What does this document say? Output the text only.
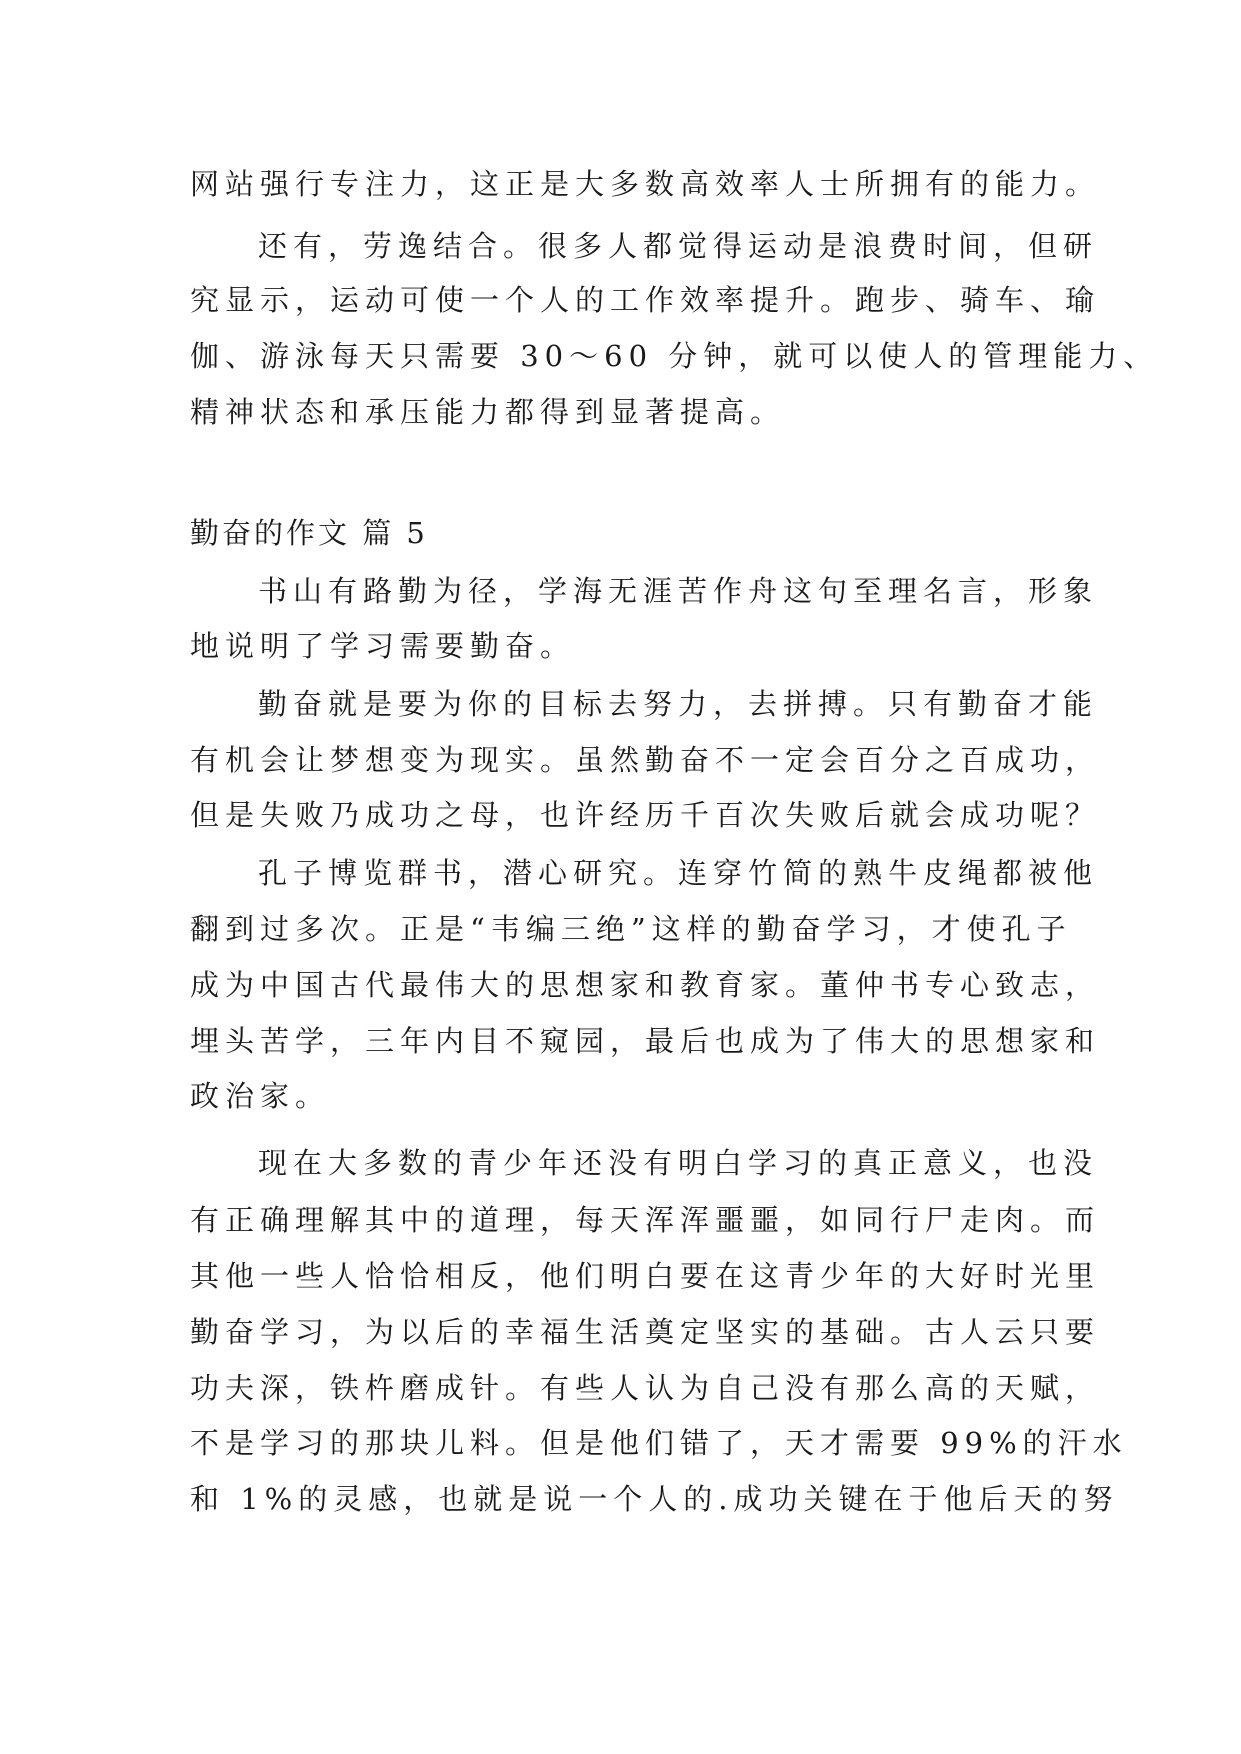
网站强行专注力，这正是大多数高效率人士所拥有的能力。
还有，劳逸结合。很多人都觉得运动是浪费时间，但研
究显示，运动可使一个人的工作效率提升。跑步、骑车、瑜
伽、游泳每天只需要 30～60 分钟，就可以使人的管理能力、
精神状态和承压能力都得到显著提高。
勤奋的作文 篇 5
书山有路勤为径，学海无涯苦作舟这句至理名言，形象
地说明了学习需要勤奋。
勤奋就是要为你的目标去努力，去拼搏。只有勤奋才能
有机会让梦想变为现实。虽然勤奋不一定会百分之百成功，
但是失败乃成功之母，也许经历千百次失败后就会成功呢？
孔子博览群书，潜心研究。连穿竹简的熟牛皮绳都被他
翻到过多次。正是“韦编三绝”这样的勤奋学习，才使孔子
成为中国古代最伟大的思想家和教育家。董仲书专心致志，
埋头苦学，三年内目不窥园，最后也成为了伟大的思想家和
政治家。
现在大多数的青少年还没有明白学习的真正意义，也没
有正确理解其中的道理，每天浑浑噩噩，如同行尸走肉。而
其他一些人恰恰相反，他们明白要在这青少年的大好时光里
勤奋学习，为以后的幸福生活奠定坚实的基础。古人云只要
功夫深，铁杵磨成针。有些人认为自己没有那么高的天赋，
不是学习的那块儿料。但是他们错了，天才需要 99%的汗水
和 1%的灵感，也就是说一个人的.成功关键在于他后天的努
